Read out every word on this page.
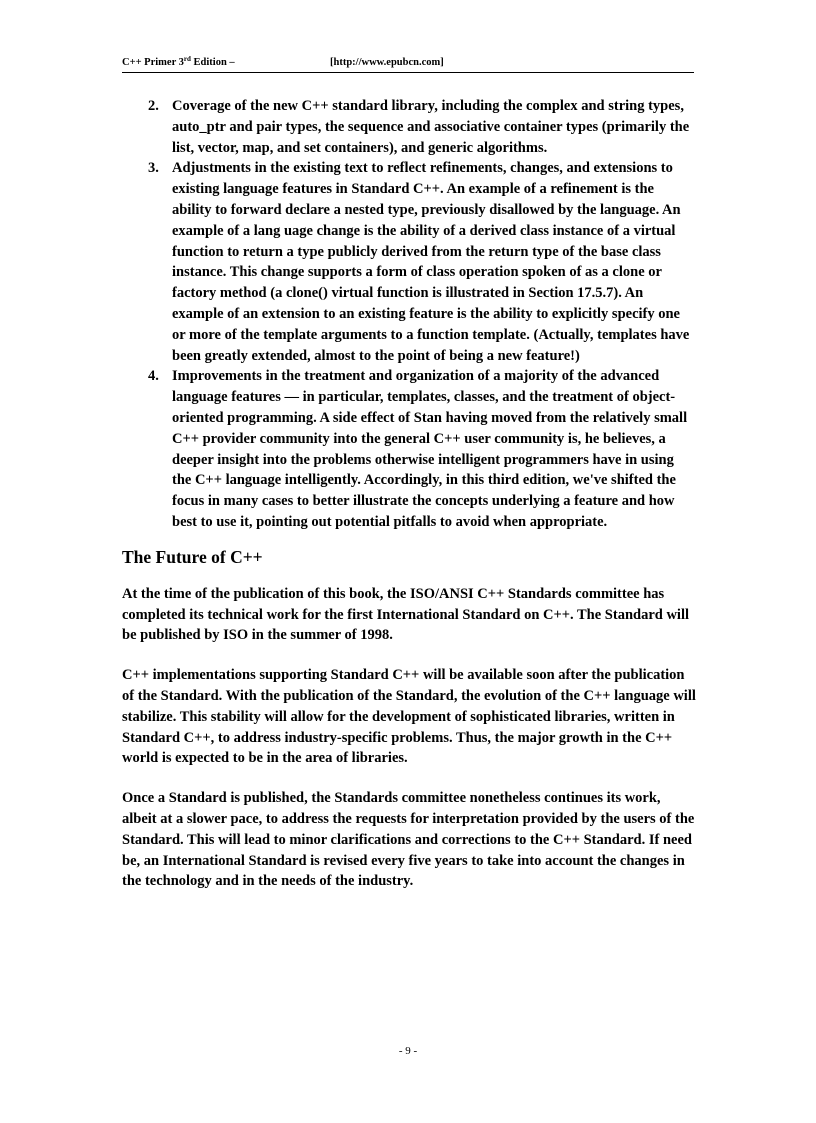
C++ Primer 3rd Edition –	[http://www.epubcn.com]
2. Coverage of the new C++ standard library, including the complex and string types, auto_ptr and pair types, the sequence and associative container types (primarily the list, vector, map, and set containers), and generic algorithms.
3. Adjustments in the existing text to reflect refinements, changes, and extensions to existing language features in Standard C++. An example of a refinement is the ability to forward declare a nested type, previously disallowed by the language. An example of a lang uage change is the ability of a derived class instance of a virtual function to return a type publicly derived from the return type of the base class instance. This change supports a form of class operation spoken of as a clone or factory method (a clone() virtual function is illustrated in Section 17.5.7). An example of an extension to an existing feature is the ability to explicitly specify one or more of the template arguments to a function template. (Actually, templates have been greatly extended, almost to the point of being a new feature!)
4. Improvements in the treatment and organization of a majority of the advanced language features — in particular, templates, classes, and the treatment of object-oriented programming. A side effect of Stan having moved from the relatively small C++ provider community into the general C++ user community is, he believes, a deeper insight into the problems otherwise intelligent programmers have in using the C++ language intelligently. Accordingly, in this third edition, we've shifted the focus in many cases to better illustrate the concepts underlying a feature and how best to use it, pointing out potential pitfalls to avoid when appropriate.
The Future of C++

At the time of the publication of this book, the ISO/ANSI C++ Standards committee has completed its technical work for the first International Standard on C++. The Standard will be published by ISO in the summer of 1998.

C++ implementations supporting Standard C++ will be available soon after the publication of the Standard. With the publication of the Standard, the evolution of the C++ language will stabilize. This stability will allow for the development of sophisticated libraries, written in Standard C++, to address industry-specific problems. Thus, the major growth in the C++ world is expected to be in the area of libraries.

Once a Standard is published, the Standards committee nonetheless continues its work, albeit at a slower pace, to address the requests for interpretation provided by the users of the Standard. This will lead to minor clarifications and corrections to the C++ Standard. If need be, an International Standard is revised every five years to take into account the changes in the technology and in the needs of the industry.

- 9 -
